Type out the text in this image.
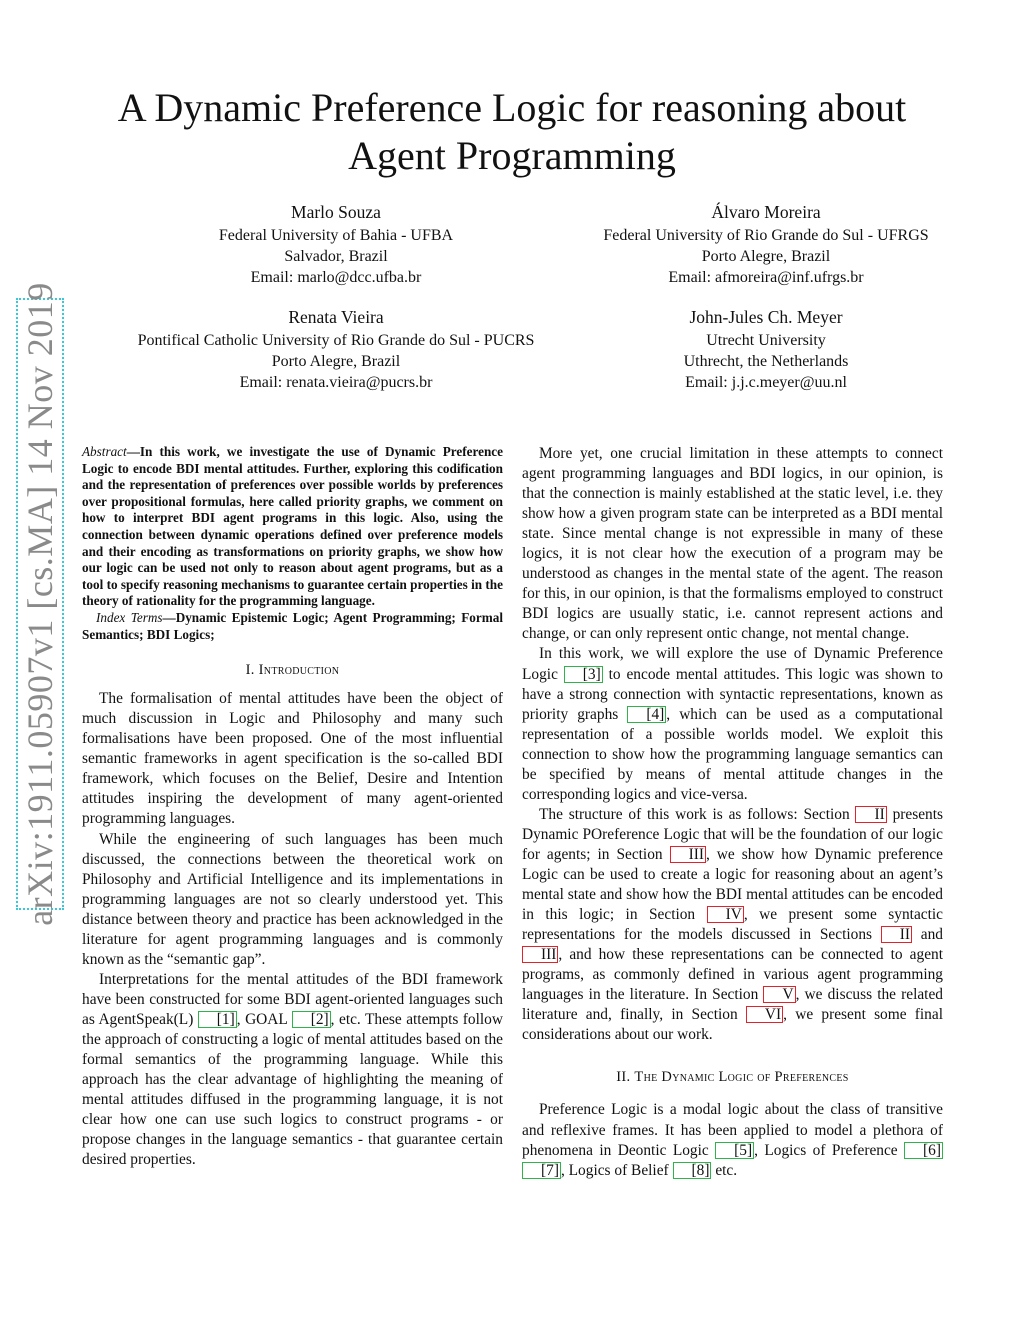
arXiv:1911.05907v1 [cs.MA] 14 Nov 2019
A Dynamic Preference Logic for reasoning about
Agent Programming
Marlo Souza
Federal University of Bahia - UFBA
Salvador, Brazil
Email: marlo@dcc.ufba.br
Álvaro Moreira
Federal University of Rio Grande do Sul - UFRGS
Porto Alegre, Brazil
Email: afmoreira@inf.ufrgs.br
Renata Vieira
Pontifical Catholic University of Rio Grande do Sul - PUCRS
Porto Alegre, Brazil
Email: renata.vieira@pucrs.br
John-Jules Ch. Meyer
Utrecht University
Uthrecht, the Netherlands
Email: j.j.c.meyer@uu.nl

Abstract—In this work, we investigate the use of Dynamic Preference Logic to encode BDI mental attitudes. Further, exploring this codification and the representation of preferences over possible worlds by preferences over propositional formulas, here called priority graphs, we comment on how to interpret BDI agent programs in this logic. Also, using the connection between dynamic operations defined over preference models and their encoding as transformations on priority graphs, we show how our logic can be used not only to reason about agent programs, but as a tool to specify reasoning mechanisms to guarantee certain properties in the theory of rationality for the programming language.

Index Terms—Dynamic Epistemic Logic; Agent Programming; Formal Semantics; BDI Logics;

I. Introduction

The formalisation of mental attitudes have been the object of much discussion in Logic and Philosophy and many such formalisations have been proposed. One of the most influential semantic frameworks in agent specification is the so-called BDI framework, which focuses on the Belief, Desire and Intention attitudes inspiring the development of many agent-oriented programming languages.

While the engineering of such languages has been much discussed, the connections between the theoretical work on Philosophy and Artificial Intelligence and its implementations in programming languages are not so clearly understood yet. This distance between theory and practice has been acknowledged in the literature for agent programming languages and is commonly known as the “semantic gap”.

Interpretations for the mental attitudes of the BDI framework have been constructed for some BDI agent-oriented languages such as AgentSpeak(L) [1] , GOAL [2] , etc. These attempts follow the approach of constructing a logic of mental attitudes based on the formal semantics of the programming language. While this approach has the clear advantage of highlighting the meaning of mental attitudes diffused in the programming language, it is not clear how one can use such logics to construct programs - or propose changes in the language semantics - that guarantee certain desired properties.

More yet, one crucial limitation in these attempts to connect agent programming languages and BDI logics, in our opinion, is that the connection is mainly established at the static level, i.e. they show how a given program state can be interpreted as a BDI mental state. Since mental change is not expressible in many of these logics, it is not clear how the execution of a program may be understood as changes in the mental state of the agent. The reason for this, in our opinion, is that the formalisms employed to construct BDI logics are usually static, i.e. cannot represent actions and change, or can only represent ontic change, not mental change.

In this work, we will explore the use of Dynamic Preference Logic [3] to encode mental attitudes. This logic was shown to have a strong connection with syntactic representations, known as priority graphs [4] , which can be used as a computational representation of a possible worlds model. We exploit this connection to show how the programming language semantics can be specified by means of mental attitude changes in the corresponding logics and vice-versa.

The structure of this work is as follows: Section II presents Dynamic POreference Logic that will be the foundation of our logic for agents; in Section III , we show how Dynamic preference Logic can be used to create a logic for reasoning about an agent’s mental state and show how the BDI mental attitudes can be encoded in this logic; in Section IV , we present some syntactic representations for the models discussed in Sections II and III , and how these representations can be connected to agent programs, as commonly defined in various agent programming languages in the literature. In Section V , we discuss the related literature and, finally, in Section VI , we present some final considerations about our work.

II. The Dynamic Logic of Preferences

Preference Logic is a modal logic about the class of transitive and reflexive frames. It has been applied to model a plethora of phenomena in Deontic Logic [5] , Logics of Preference [6][7] , Logics of Belief [8] etc.
